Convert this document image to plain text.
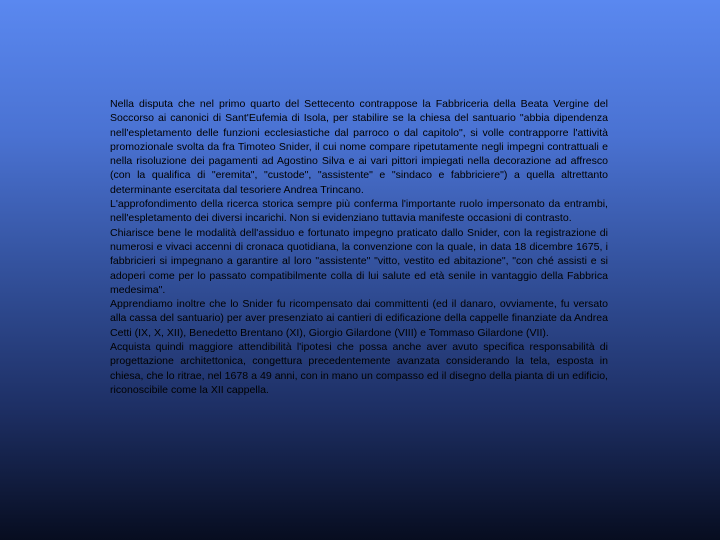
Nella disputa che nel primo quarto del Settecento contrappose la Fabbriceria della Beata Vergine del Soccorso ai canonici di Sant'Eufemia di Isola, per stabilire se la chiesa del santuario "abbia dipendenza nell'espletamento delle funzioni ecclesiastiche dal parroco o dal capitolo", si volle contrapporre l'attività promozionale svolta da fra Timoteo Snider, il cui nome compare ripetutamente negli impegni contrattuali e nella risoluzione dei pagamenti ad Agostino Silva e ai vari pittori impiegati nella decorazione ad affresco (con la qualifica di "eremita", "custode", "assistente" e "sindaco e fabbriciere") a quella altrettanto determinante esercitata dal tesoriere Andrea Trincano.

L'approfondimento della ricerca storica sempre più conferma l'importante ruolo impersonato da entrambi, nell'espletamento dei diversi incarichi. Non si evidenziano tuttavia manifeste occasioni di contrasto.

Chiarisce bene le modalità dell'assiduo e fortunato impegno praticato dallo Snider, con la registrazione di numerosi e vivaci accenni di cronaca quotidiana, la convenzione con la quale, in data 18 dicembre 1675, i fabbricieri si impegnano a garantire al loro "assistente" "vitto, vestito ed abitazione", "con ché assisti e si adoperi come per lo passato compatibilmente colla di lui salute ed età senile in vantaggio della Fabbrica medesima".

Apprendiamo inoltre che lo Snider fu ricompensato dai committenti (ed il danaro, ovviamente, fu versato alla cassa del santuario) per aver presenziato ai cantieri di edificazione della cappelle finanziate da Andrea Cetti (IX, X, XII), Benedetto Brentano (XI), Giorgio Gilardone (VIII) e Tommaso Gilardone (VII).

Acquista quindi maggiore attendibilità l'ipotesi che possa anche aver avuto specifica responsabilità di progettazione architettonica, congettura precedentemente avanzata considerando la tela, esposta in chiesa, che lo ritrae, nel 1678 a 49 anni, con in mano un compasso ed il disegno della pianta di un edificio, riconoscibile come la XII cappella.
